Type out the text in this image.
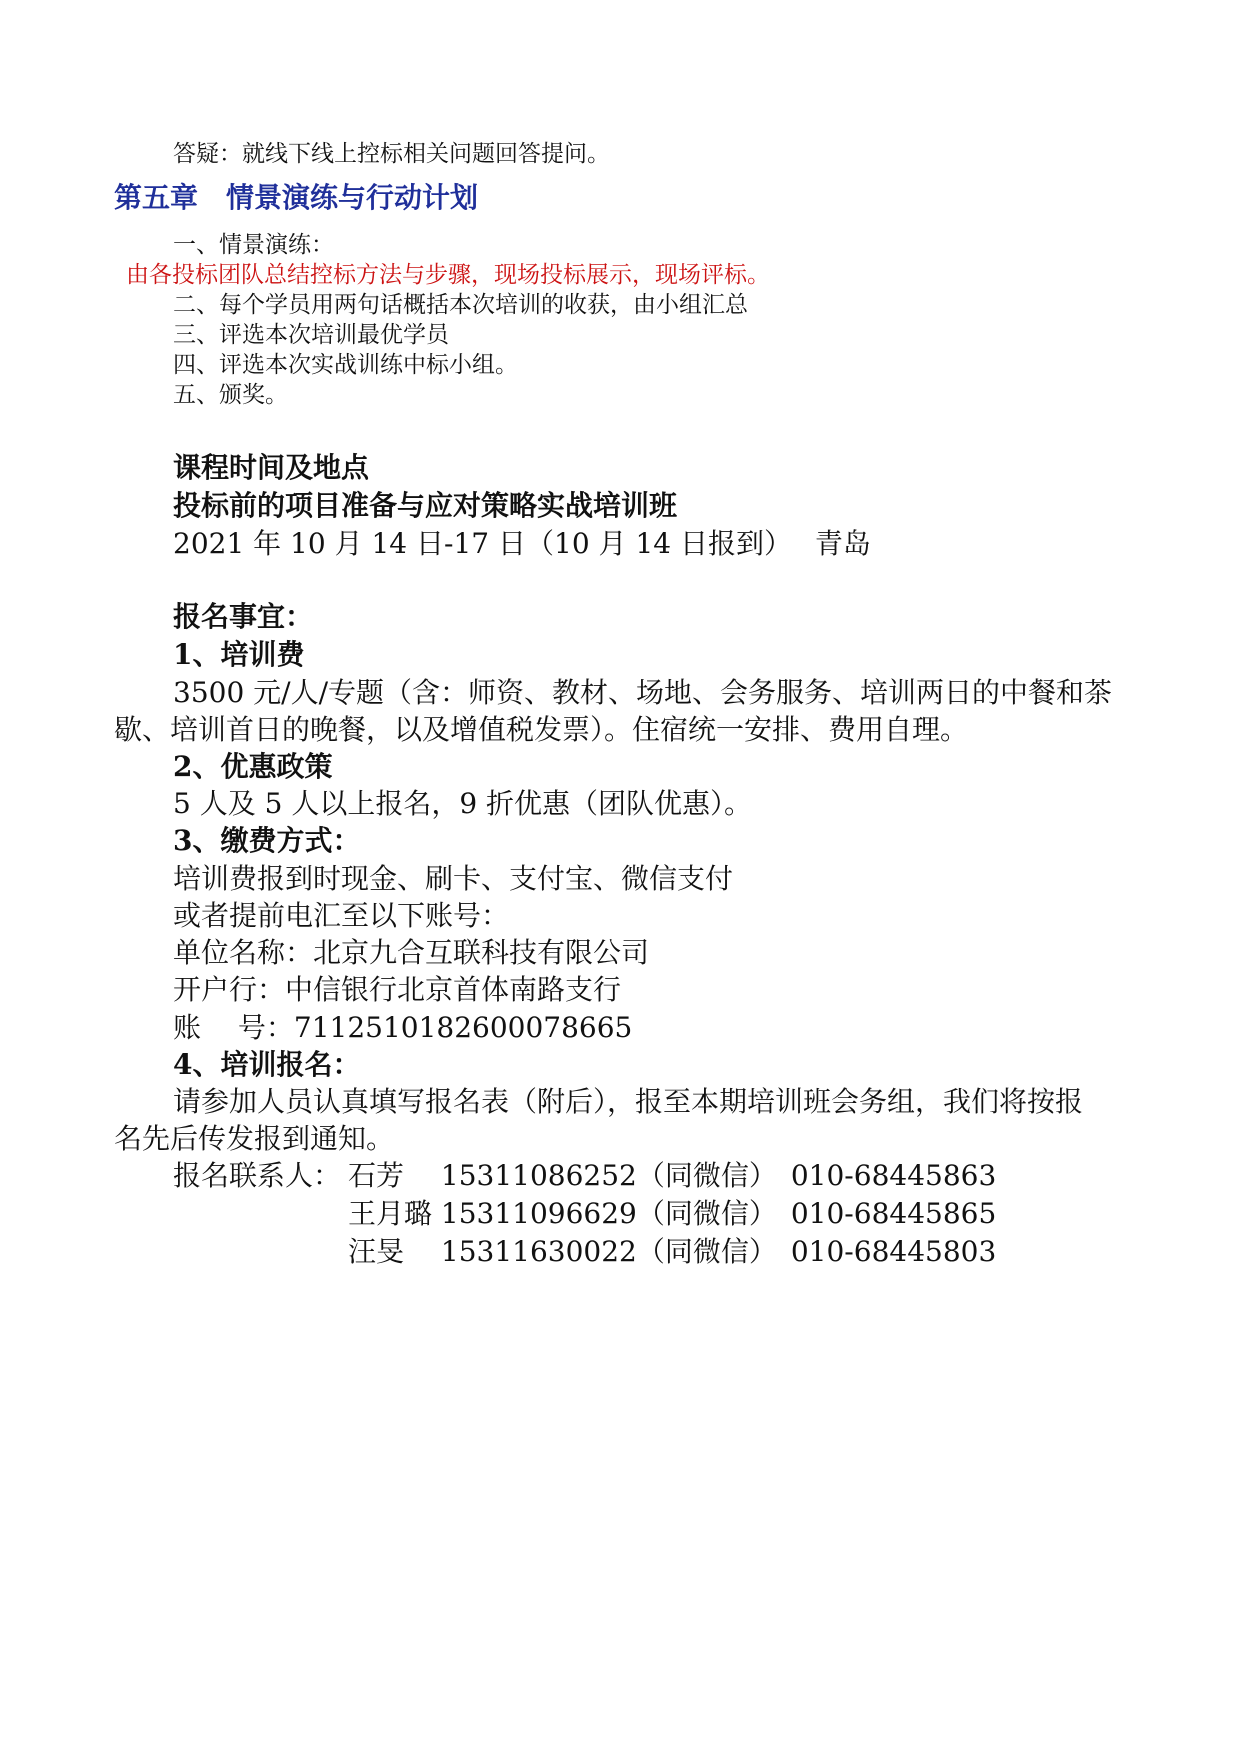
答疑：就线下线上控标相关问题回答提问。
第五章　情景演练与行动计划
一、情景演练：
由各投标团队总结控标方法与步骤，现场投标展示，现场评标。
二、每个学员用两句话概括本次培训的收获，由小组汇总
三、评选本次培训最优学员
四、评选本次实战训练中标小组。
五、颁奖。
课程时间及地点
投标前的项目准备与应对策略实战培训班
2021 年 10 月 14 日-17 日（10 月 14 日报到）　 青岛
报名事宜：
1、培训费
3500 元/人/专题（含：师资、教材、场地、会务服务、培训两日的中餐和茶
歇、培训首日的晚餐，以及增值税发票）。住宿统一安排、费用自理。
2、优惠政策
5 人及 5 人以上报名，9 折优惠（团队优惠）。
3、缴费方式：
培训费报到时现金、刷卡、支付宝、微信支付
或者提前电汇至以下账号：
单位名称：北京九合互联科技有限公司
开户行：中信银行北京首体南路支行
账　 号：7112510182600078665
4、培训报名：
请参加人员认真填写报名表（附后），报至本期培训班会务组，我们将按报
名先后传发报到通知。
报名联系人： 石芳　 15311086252（同微信）　010-68445863
王月璐 15311096629（同微信）　010-68445865
汪旻　 15311630022（同微信）　010-68445803
